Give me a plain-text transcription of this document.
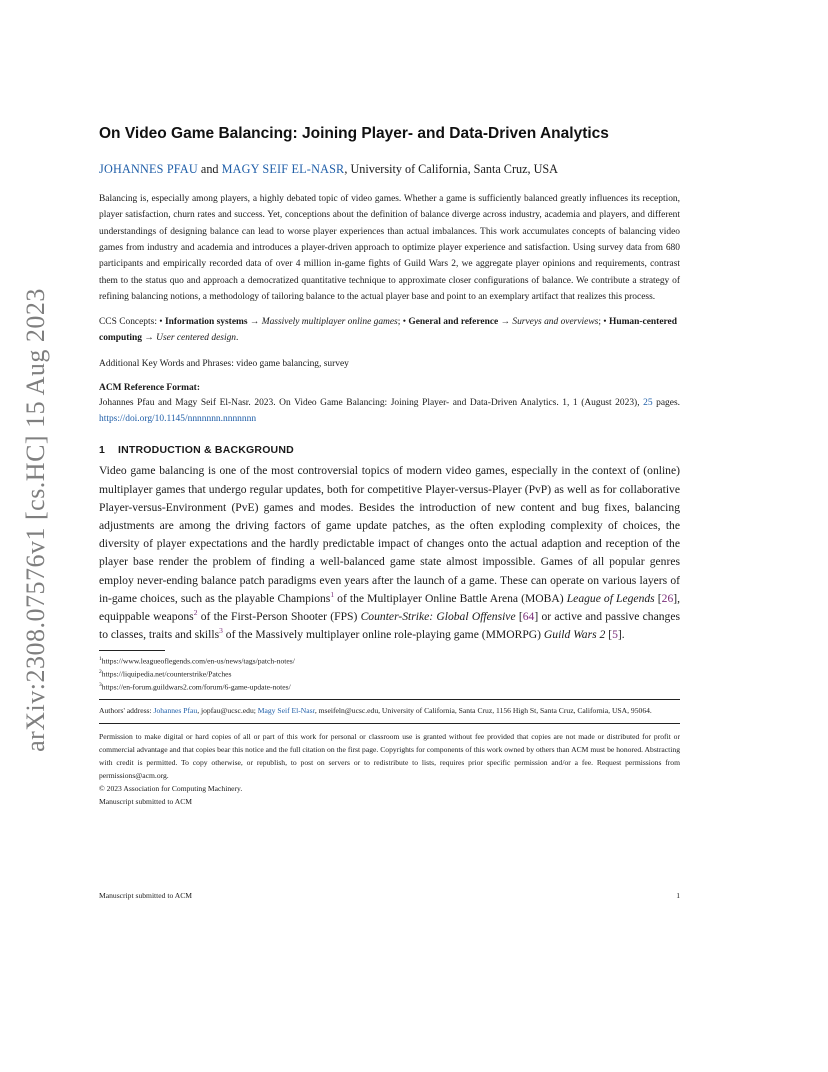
arXiv:2308.07576v1 [cs.HC] 15 Aug 2023
On Video Game Balancing: Joining Player- and Data-Driven Analytics
JOHANNES PFAU and MAGY SEIF EL-NASR, University of California, Santa Cruz, USA
Balancing is, especially among players, a highly debated topic of video games. Whether a game is sufficiently balanced greatly influences its reception, player satisfaction, churn rates and success. Yet, conceptions about the definition of balance diverge across industry, academia and players, and different understandings of designing balance can lead to worse player experiences than actual imbalances. This work accumulates concepts of balancing video games from industry and academia and introduces a player-driven approach to optimize player experience and satisfaction. Using survey data from 680 participants and empirically recorded data of over 4 million in-game fights of Guild Wars 2, we aggregate player opinions and requirements, contrast them to the status quo and approach a democratized quantitative technique to approximate closer configurations of balance. We contribute a strategy of refining balancing notions, a methodology of tailoring balance to the actual player base and point to an exemplary artifact that realizes this process.
CCS Concepts: • Information systems → Massively multiplayer online games; • General and reference → Surveys and overviews; • Human-centered computing → User centered design.
Additional Key Words and Phrases: video game balancing, survey
ACM Reference Format:
Johannes Pfau and Magy Seif El-Nasr. 2023. On Video Game Balancing: Joining Player- and Data-Driven Analytics. 1, 1 (August 2023), 25 pages. https://doi.org/10.1145/nnnnnnn.nnnnnnn
1 INTRODUCTION & BACKGROUND
Video game balancing is one of the most controversial topics of modern video games, especially in the context of (online) multiplayer games that undergo regular updates, both for competitive Player-versus-Player (PvP) as well as for collaborative Player-versus-Environment (PvE) games and modes. Besides the introduction of new content and bug fixes, balancing adjustments are among the driving factors of game update patches, as the often exploding complexity of choices, the diversity of player expectations and the hardly predictable impact of changes onto the actual adaption and reception of the player base render the problem of finding a well-balanced game state almost impossible. Games of all popular genres employ never-ending balance patch paradigms even years after the launch of a game. These can operate on various layers of in-game choices, such as the playable Champions$^1$ of the Multiplayer Online Battle Arena (MOBA) League of Legends [26], equippable weapons$^2$ of the First-Person Shooter (FPS) Counter-Strike: Global Offensive [64] or active and passive changes to classes, traits and skills$^3$ of the Massively multiplayer online role-playing game (MMORPG) Guild Wars 2 [5].
$^1$https://www.leagueoflegends.com/en-us/news/tags/patch-notes/
$^2$https://liquipedia.net/counterstrike/Patches
$^3$https://en-forum.guildwars2.com/forum/6-game-update-notes/
Authors' address: Johannes Pfau, jopfau@ucsc.edu; Magy Seif El-Nasr, mseifeln@ucsc.edu, University of California, Santa Cruz, 1156 High St, Santa Cruz, California, USA, 95064.

Permission to make digital or hard copies of all or part of this work for personal or classroom use is granted without fee provided that copies are not made or distributed for profit or commercial advantage and that copies bear this notice and the full citation on the first page. Copyrights for components of this work owned by others than ACM must be honored. Abstracting with credit is permitted. To copy otherwise, or republish, to post on servers or to redistribute to lists, requires prior specific permission and/or a fee. Request permissions from permissions@acm.org.

© 2023 Association for Computing Machinery.

Manuscript submitted to ACM

Manuscript submitted to ACM	1
